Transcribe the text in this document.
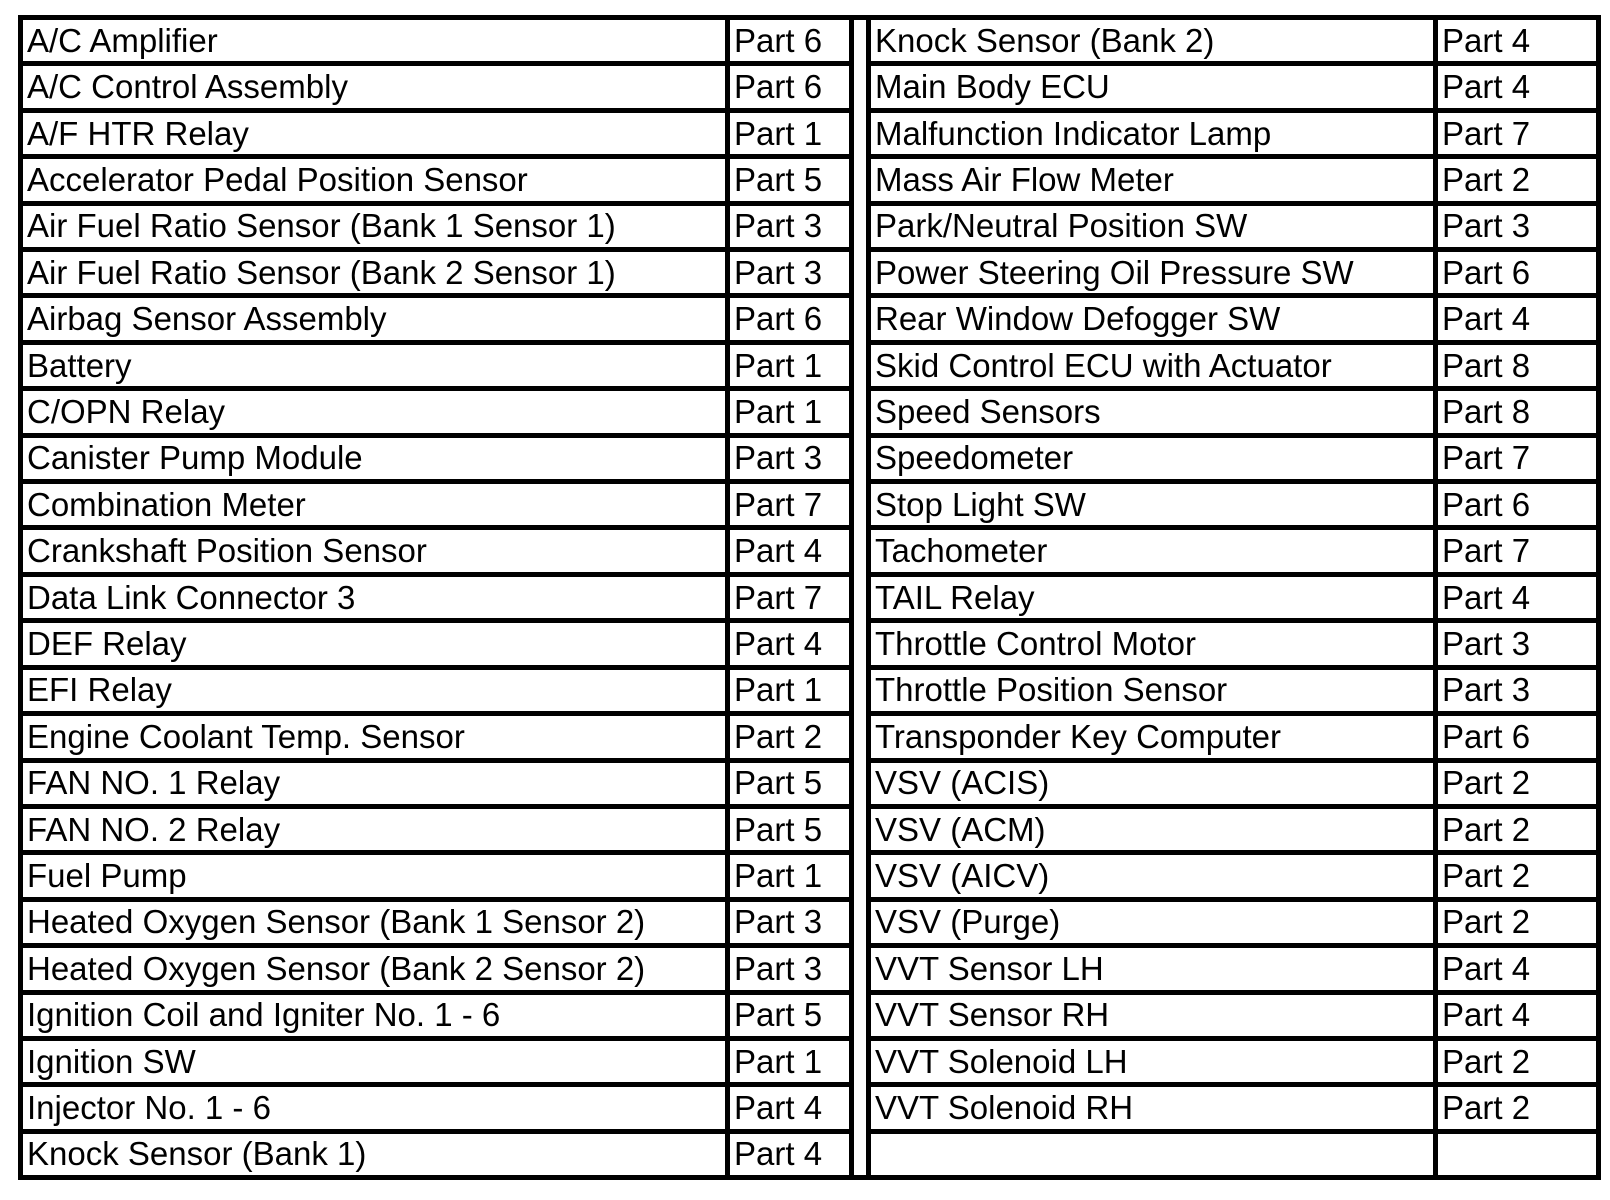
A/C Amplifier	Part 6
A/C Control Assembly	Part 6
A/F HTR Relay	Part 1
Accelerator Pedal Position Sensor	Part 5
Air Fuel Ratio Sensor (Bank 1 Sensor 1)	Part 3
Air Fuel Ratio Sensor (Bank 2 Sensor 1)	Part 3
Airbag Sensor Assembly	Part 6
Battery	Part 1
C/OPN Relay	Part 1
Canister Pump Module	Part 3
Combination Meter	Part 7
Crankshaft Position Sensor	Part 4
Data Link Connector 3	Part 7
DEF Relay	Part 4
EFI Relay	Part 1
Engine Coolant Temp. Sensor	Part 2
FAN NO. 1 Relay	Part 5
FAN NO. 2 Relay	Part 5
Fuel Pump	Part 1
Heated Oxygen Sensor (Bank 1 Sensor 2)	Part 3
Heated Oxygen Sensor (Bank 2 Sensor 2)	Part 3
Ignition Coil and Igniter No. 1 - 6	Part 5
Ignition SW	Part 1
Injector No. 1 - 6	Part 4
Knock Sensor (Bank 1)	Part 4
Knock Sensor (Bank 2)	Part 4
Main Body ECU	Part 4
Malfunction Indicator Lamp	Part 7
Mass Air Flow Meter	Part 2
Park/Neutral Position SW	Part 3
Power Steering Oil Pressure SW	Part 6
Rear Window Defogger SW	Part 4
Skid Control ECU with Actuator	Part 8
Speed Sensors	Part 8
Speedometer	Part 7
Stop Light SW	Part 6
Tachometer	Part 7
TAIL Relay	Part 4
Throttle Control Motor	Part 3
Throttle Position Sensor	Part 3
Transponder Key Computer	Part 6
VSV (ACIS)	Part 2
VSV (ACM)	Part 2
VSV (AICV)	Part 2
VSV (Purge)	Part 2
VVT Sensor LH	Part 4
VVT Sensor RH	Part 4
VVT Solenoid LH	Part 2
VVT Solenoid RH	Part 2
